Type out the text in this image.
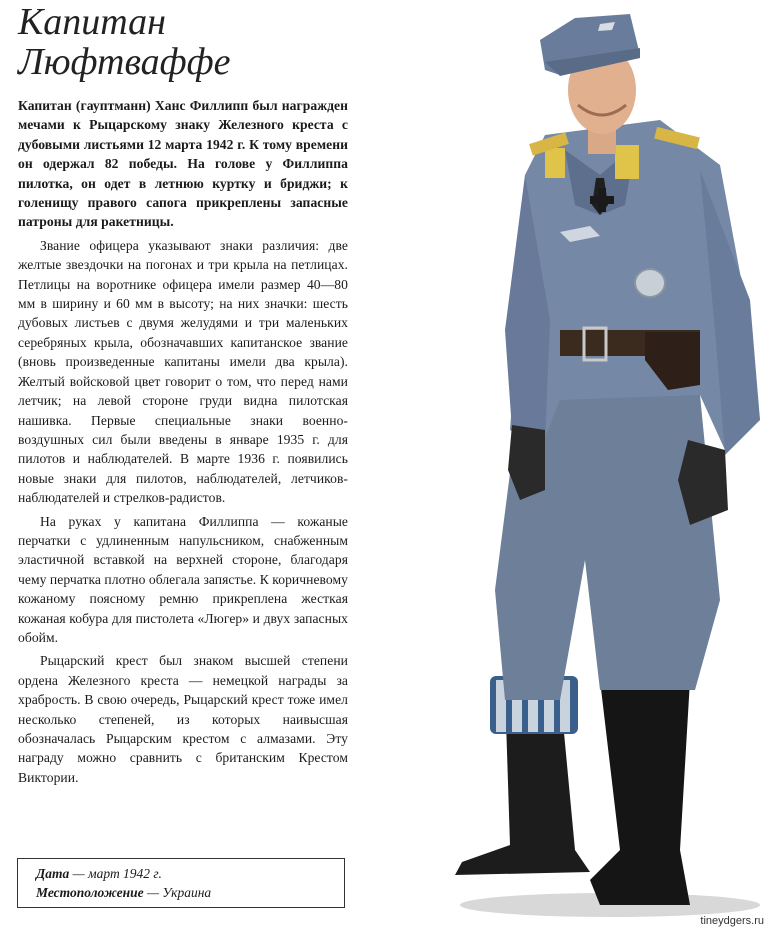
Капитан
Люфтваффе

Капитан (гауптманн) Ханс Филлипп был награжден мечами к Рыцарскому знаку Железного креста с дубовыми листьями 12 марта 1942 г. К тому времени он одержал 82 победы. На голове у Филлиппа пилотка, он одет в летнюю куртку и бриджи; к голенищу правого сапога прикреплены запасные патроны для ракетницы.

Звание офицера указывают знаки различия: две желтые звездочки на погонах и три крыла на петлицах. Петлицы на воротнике офицера имели размер 40—80 мм в ширину и 60 мм в высоту; на них значки: шесть дубовых листьев с двумя желудями и три маленьких серебряных крыла, обозначавших капитанское звание (вновь произведенные капитаны имели два крыла). Желтый войсковой цвет говорит о том, что перед нами летчик; на левой стороне груди видна пилотская нашивка. Первые специальные знаки военно-воздушных сил были введены в январе 1935 г. для пилотов и наблюдателей. В марте 1936 г. появились новые знаки для пилотов, наблюдателей, летчиков-наблюдателей и стрелков-радистов.

На руках у капитана Филлиппа — кожаные перчатки с удлиненным напульсником, снабженным эластичной вставкой на верхней стороне, благодаря чему перчатка плотно облегала запястье. К коричневому кожаному поясному ремню прикреплена жесткая кожаная кобура для пистолета «Люгер» и двух запасных обойм.

Рыцарский крест был знаком высшей степени ордена Железного креста — немецкой награды за храбрость. В свою очередь, Рыцарский крест тоже имел несколько степеней, из которых наивысшая обозначалась Рыцарским крестом с алмазами. Эту награду можно сравнить с британским Крестом Виктории.

Дата — март 1942 г.
Местоположение — Украина
tineydgers.ru
